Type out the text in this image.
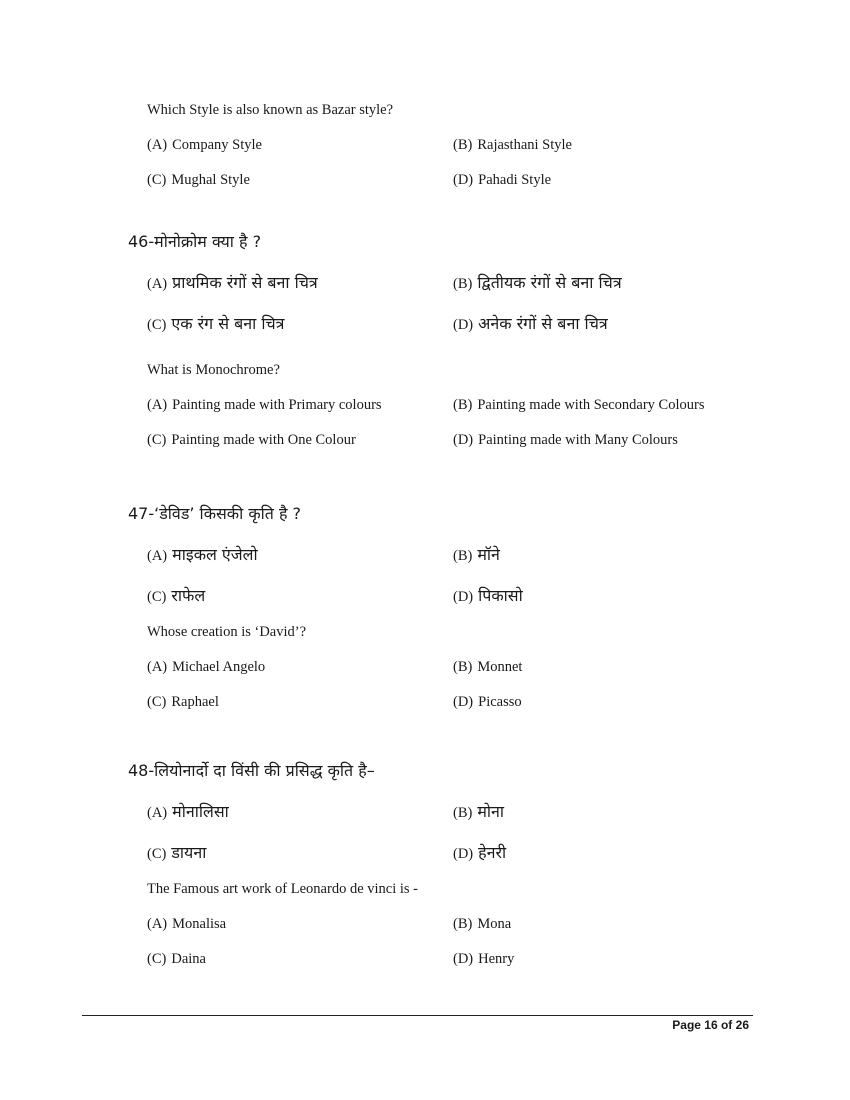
Which Style is also known as Bazar style?
(A) Company Style	(B) Rajasthani Style
(C) Mughal Style	(D) Pahadi Style
46-मोनोक्रोम क्या है ?
(A) प्राथमिक रंगों से बना चित्र	(B) द्वितीयक रंगों से बना चित्र
(C) एक रंग से बना चित्र	(D) अनेक रंगों से बना चित्र
What is Monochrome?
(A) Painting made with Primary colours	(B) Painting made with Secondary Colours
(C) Painting made with One Colour	(D) Painting made with Many Colours
47-‘डेविड’ किसकी कृति है ?
(A) माइकल एंजेलो	(B) मॉने
(C) राफेल	(D) पिकासो
Whose creation is ‘David’?
(A) Michael Angelo	(B) Monnet
(C) Raphael	(D) Picasso
48-लियोनार्दो दा विंसी की प्रसिद्ध कृति है–
(A) मोनालिसा	(B) मोना
(C) डायना	(D) हेनरी
The Famous art work of Leonardo de vinci is -
(A) Monalisa	(B) Mona
(C) Daina	(D) Henry
Page 16 of 26
